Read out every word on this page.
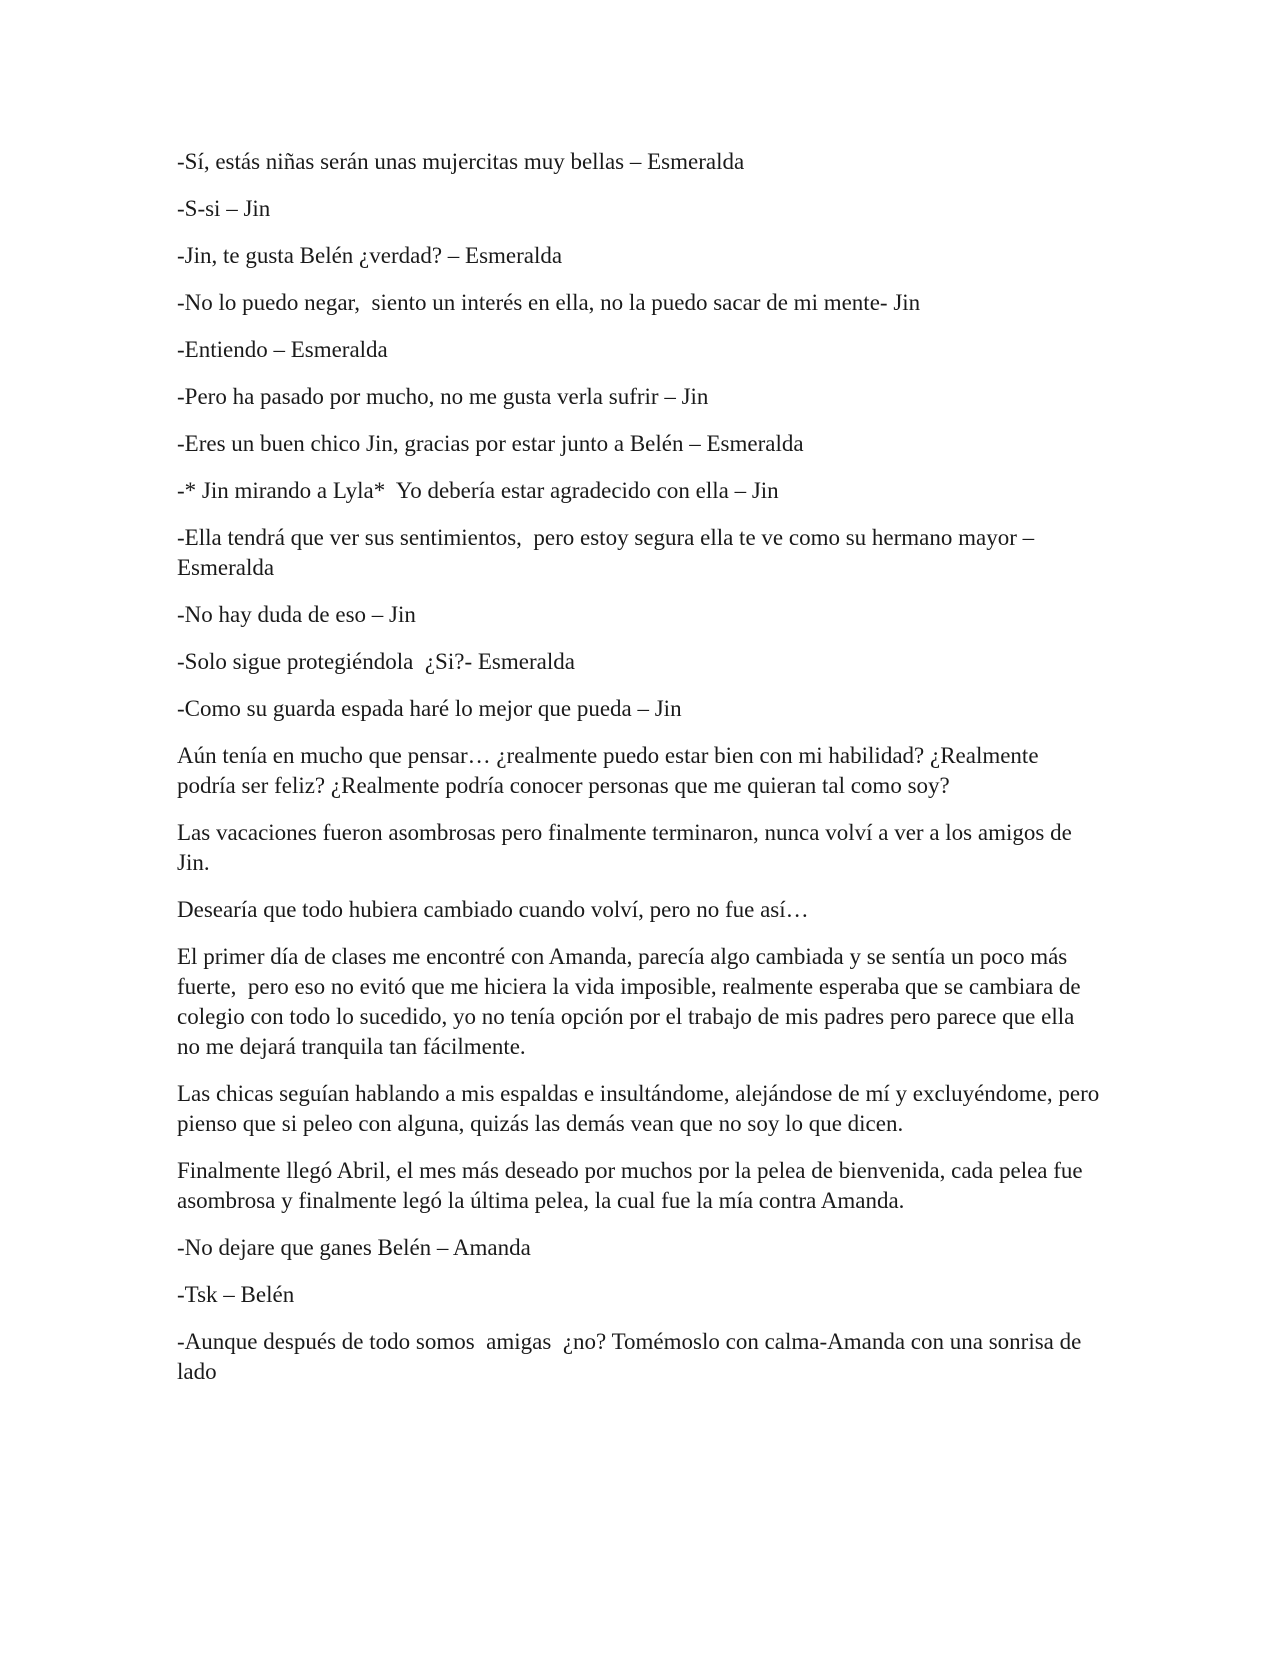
-Sí, estás niñas serán unas mujercitas muy bellas – Esmeralda

-S-si – Jin

-Jin, te gusta Belén ¿verdad? – Esmeralda

-No lo puedo negar,  siento un interés en ella, no la puedo sacar de mi mente- Jin

-Entiendo – Esmeralda

-Pero ha pasado por mucho, no me gusta verla sufrir – Jin

-Eres un buen chico Jin, gracias por estar junto a Belén – Esmeralda

-* Jin mirando a Lyla*  Yo debería estar agradecido con ella – Jin

-Ella tendrá que ver sus sentimientos,  pero estoy segura ella te ve como su hermano mayor – Esmeralda

-No hay duda de eso – Jin

-Solo sigue protegiéndola  ¿Si?- Esmeralda

-Como su guarda espada haré lo mejor que pueda – Jin

Aún tenía en mucho que pensar… ¿realmente puedo estar bien con mi habilidad? ¿Realmente podría ser feliz? ¿Realmente podría conocer personas que me quieran tal como soy?

Las vacaciones fueron asombrosas pero finalmente terminaron, nunca volví a ver a los amigos de Jin.

Desearía que todo hubiera cambiado cuando volví, pero no fue así…

El primer día de clases me encontré con Amanda, parecía algo cambiada y se sentía un poco más fuerte,  pero eso no evitó que me hiciera la vida imposible, realmente esperaba que se cambiara de colegio con todo lo sucedido, yo no tenía opción por el trabajo de mis padres pero parece que ella no me dejará tranquila tan fácilmente.

Las chicas seguían hablando a mis espaldas e insultándome, alejándose de mí y excluyéndome, pero pienso que si peleo con alguna, quizás las demás vean que no soy lo que dicen.

Finalmente llegó Abril, el mes más deseado por muchos por la pelea de bienvenida, cada pelea fue asombrosa y finalmente legó la última pelea, la cual fue la mía contra Amanda.

-No dejare que ganes Belén – Amanda

-Tsk – Belén

-Aunque después de todo somos  amigas  ¿no? Tomémoslo con calma-Amanda con una sonrisa de lado
